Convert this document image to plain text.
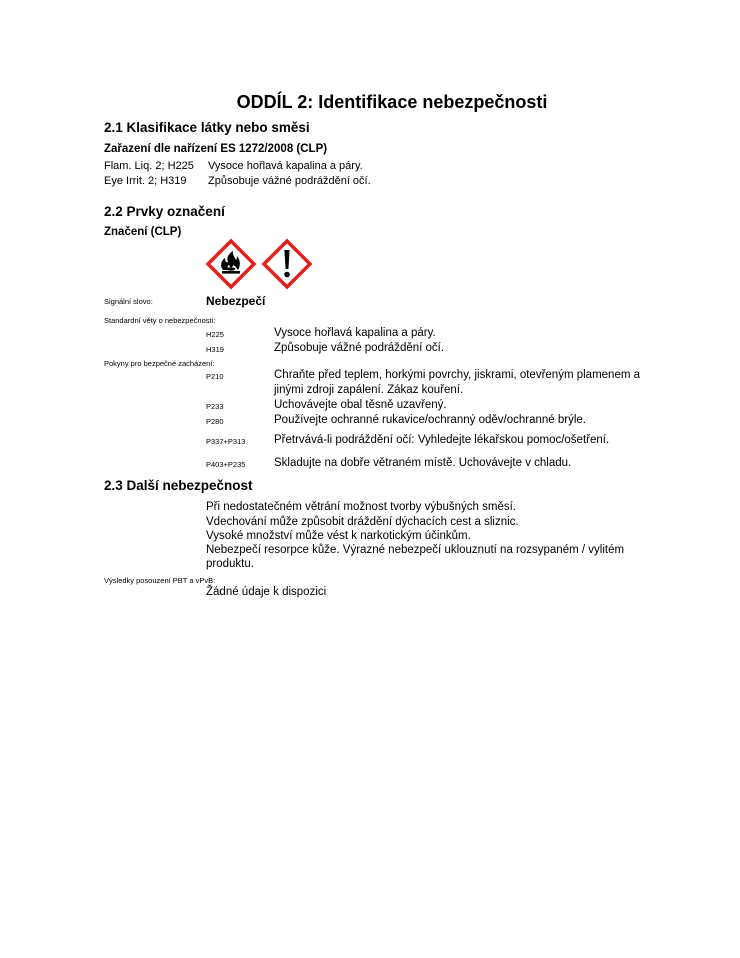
ODDÍL 2: Identifikace nebezpečnosti
2.1 Klasifikace látky nebo směsi
Zařazení dle nařízení ES 1272/2008 (CLP)
Flam. Liq. 2; H225 Vysoce hořlavá kapalina a páry.
Eye Irrit. 2; H319 Způsobuje vážné podráždění očí.
2.2 Prvky označení
Značení (CLP)
Signální slovo:	Nebezpečí
Standardní věty o nebezpečnosti:
H225	Vysoce hořlavá kapalina a páry.
H319	Způsobuje vážné podráždění očí.
Pokyny pro bezpečné zacházení:
P210	Chraňte před teplem, horkými povrchy, jiskrami, otevřeným plamenem a
jinými zdroji zapálení. Zákaz kouření.
P233	Uchovávejte obal těsně uzavřený.
P280	Používejte ochranné rukavice/ochranný oděv/ochranné brýle.
P337+P313 Přetrvává-li podráždění očí: Vyhledejte lékařskou pomoc/ošetření.
P403+P235 Skladujte na dobře větraném místě. Uchovávejte v chladu.
2.3 Další nebezpečnost
Při nedostatečném větrání možnost tvorby výbušných směsí.
Vdechování může způsobit dráždění dýchacích cest a sliznic.
Vysoké množství může vést k narkotickým účinkům.
Nebezpečí resorpce kůže. Výrazné nebezpečí uklouznutí na rozsypaném / vylitém
produktu.
Výsledky posouzení PBT a vPvB:
Žádné údaje k dispozici
